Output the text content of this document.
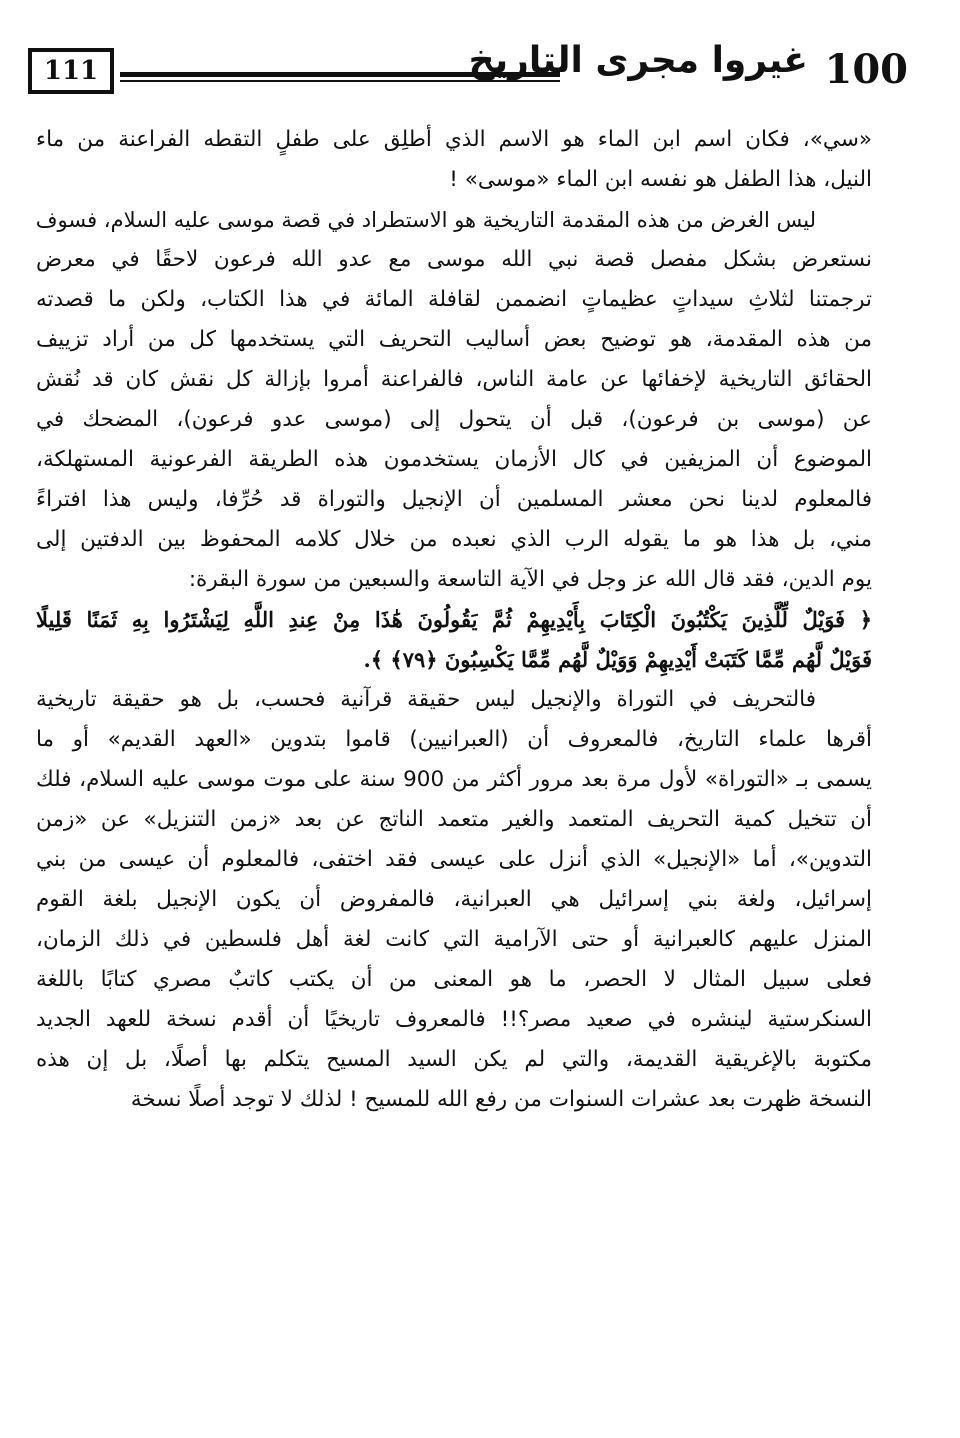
111	غيروا مجرى التاريخ 100
«سي»، فكان اسم ابن الماء هو الاسم الذي أطلِق على طفلٍ التقطه الفراعنة من ماء
النيل، هذا الطفل هو نفسه ابن الماء «موسى» !
ليس الغرض من هذه المقدمة التاريخية هو الاستطراد في قصة موسى عليه السلام، فسوف
نستعرض بشكل مفصل قصة نبي الله موسى مع عدو الله فرعون لاحقًا في معرض
ترجمتنا لثلاثِ سيداتٍ عظيماتٍ انضممن لقافلة المائة في هذا الكتاب، ولكن ما قصدته
من هذه المقدمة، هو توضيح بعض أساليب التحريف التي يستخدمها كل من أراد تزييف
الحقائق التاريخية لإخفائها عن عامة الناس، فالفراعنة أمروا بإزالة كل نقش كان قد نُقش
عن (موسى بن فرعون)، قبل أن يتحول إلى (موسى عدو فرعون)، المضحك في
الموضوع أن المزيفين في كال الأزمان يستخدمون هذه الطريقة الفرعونية المستهلكة،
فالمعلوم لدينا نحن معشر المسلمين أن الإنجيل والتوراة قد حُرِّفا، وليس هذا افتراءً
مني، بل هذا هو ما يقوله الرب الذي نعبده من خلال كلامه المحفوظ بين الدفتين إلى
يوم الدين، فقد قال الله عز وجل في الآية التاسعة والسبعين من سورة البقرة:
﴿ فَوَيْلٌ لِّلَّذِينَ يَكْتُبُونَ الْكِتَابَ بِأَيْدِيهِمْ ثُمَّ يَقُولُونَ هَٰذَا مِنْ عِندِ اللَّهِ لِيَشْتَرُوا بِهِ ثَمَنًا قَلِيلًا
فَوَيْلٌ لَّهُم مِّمَّا كَتَبَتْ أَيْدِيهِمْ وَوَيْلٌ لَّهُم مِّمَّا يَكْسِبُونَ ﴿٧٩﴾ ﴾.
فالتحريف في التوراة والإنجيل ليس حقيقة قرآنية فحسب، بل هو حقيقة تاريخية
أقرها علماء التاريخ، فالمعروف أن (العبرانيين) قاموا بتدوين «العهد القديم» أو ما
يسمى بـ «التوراة» لأول مرة بعد مرور أكثر من 900 سنة على موت موسى عليه السلام، فلك
أن تتخيل كمية التحريف المتعمد والغير متعمد الناتج عن بعد «زمن التنزيل» عن «زمن
التدوين»، أما «الإنجيل» الذي أنزل على عيسى فقد اختفى، فالمعلوم أن عيسى من بني
إسرائيل، ولغة بني إسرائيل هي العبرانية، فالمفروض أن يكون الإنجيل بلغة القوم
المنزل عليهم كالعبرانية أو حتى الآرامية التي كانت لغة أهل فلسطين في ذلك الزمان،
فعلى سبيل المثال لا الحصر، ما هو المعنى من أن يكتب كاتبٌ مصري كتابًا باللغة
السنكرستية لينشره في صعيد مصر؟!! فالمعروف تاريخيًا أن أقدم نسخة للعهد الجديد
مكتوبة بالإغريقية القديمة، والتي لم يكن السيد المسيح يتكلم بها أصلًا، بل إن هذه
النسخة ظهرت بعد عشرات السنوات من رفع الله للمسيح ! لذلك لا توجد أصلًا نسخة
